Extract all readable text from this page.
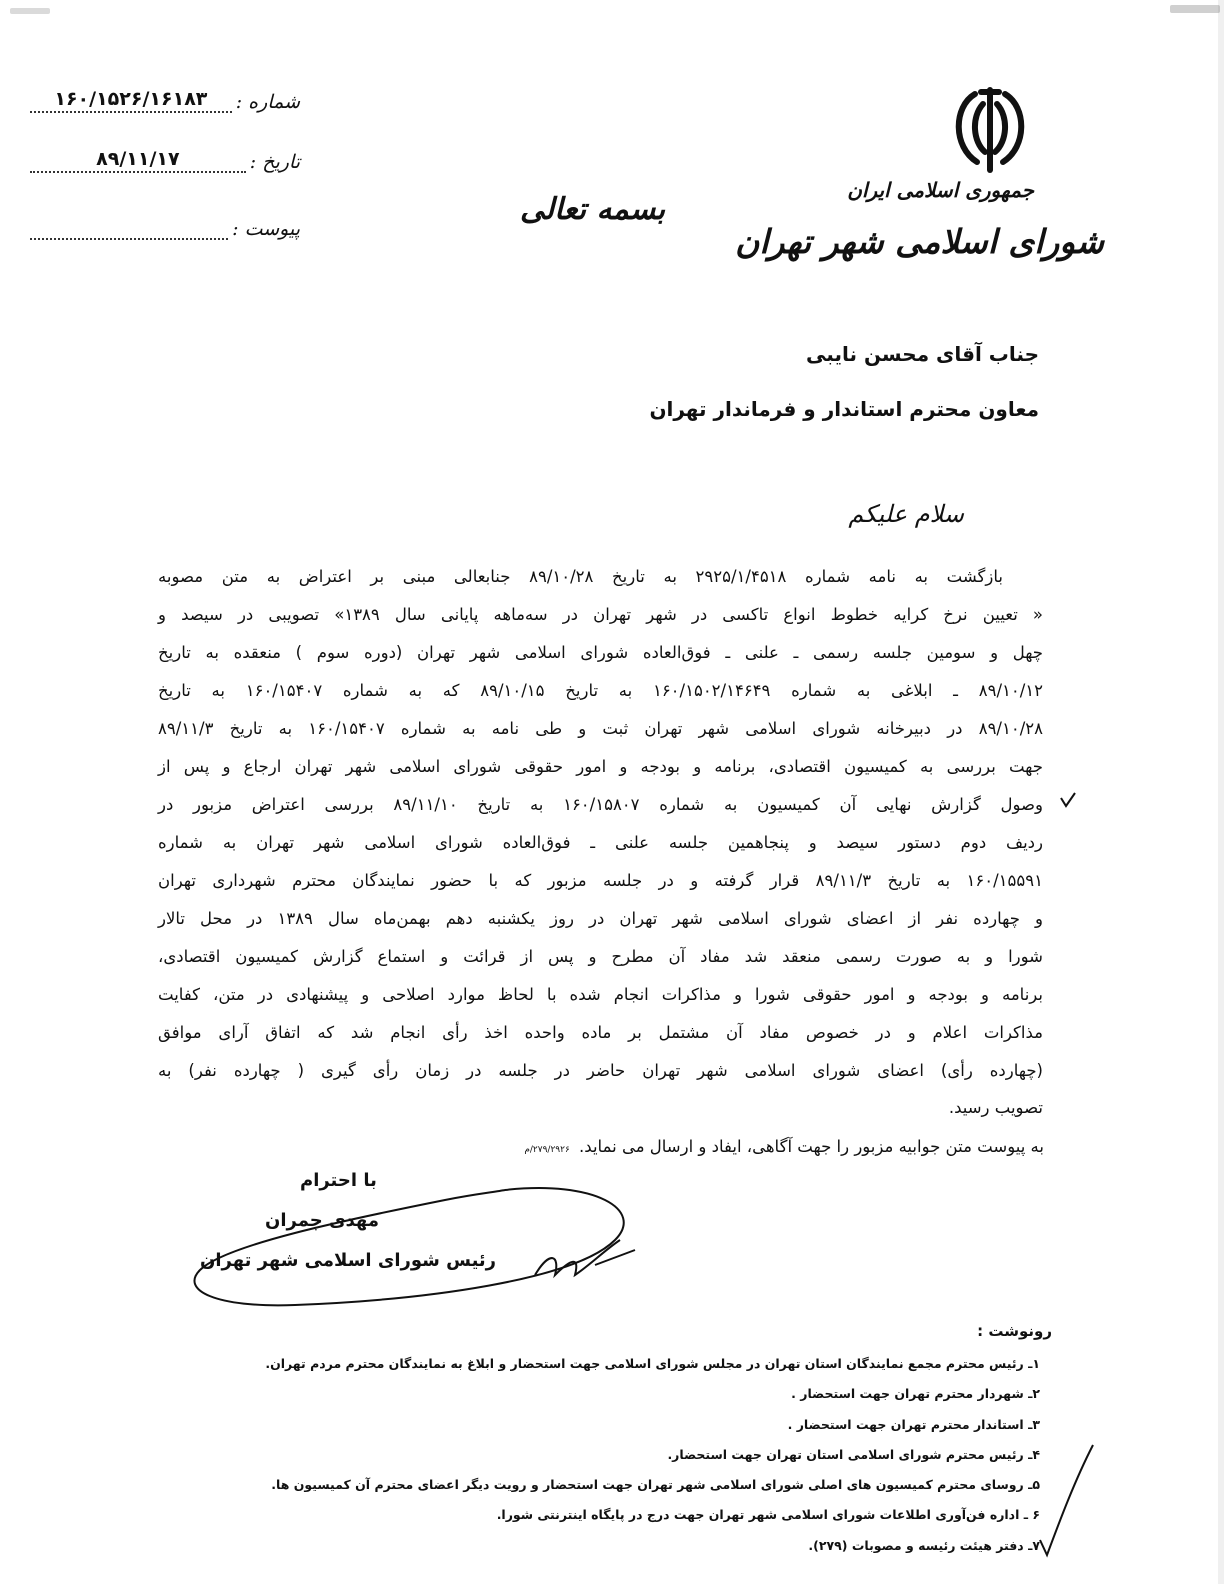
شماره :
۱۶۰/۱۵۲۶/۱۶۱۸۳
تاریخ :
۸۹/۱۱/۱۷
پیوست :
بسمه تعالی
جمهوری اسلامی ایران
شورای اسلامی شهر تهران
جناب آقای محسن نایبی
معاون محترم استاندار و فرماندار تهران
سلام علیکم
بازگشت به نامه شماره ۲۹۲۵/۱/۴۵۱۸ به تاریخ ۸۹/۱۰/۲۸ جنابعالی مبنی بر اعتراض به متن مصوبه
« تعیین نرخ کرایه خطوط انواع تاکسی در شهر تهران در سه‌ماهه پایانی سال ۱۳۸۹» تصویبی در سیصد و
چهل و سومین جلسه رسمی ـ علنی ـ فوق‌العاده شورای اسلامی شهر تهران (دوره سوم ) منعقده به تاریخ
۸۹/۱۰/۱۲ ـ ابلاغی به شماره ۱۶۰/۱۵۰۲/۱۴۶۴۹ به تاریخ ۸۹/۱۰/۱۵ که به شماره ۱۶۰/۱۵۴۰۷ به تاریخ
۸۹/۱۰/۲۸ در دبیرخانه شورای اسلامی شهر تهران ثبت و طی نامه به شماره ۱۶۰/۱۵۴۰۷ به تاریخ ۸۹/۱۱/۳
جهت بررسی به کمیسیون اقتصادی، برنامه و بودجه و امور حقوقی شورای اسلامی شهر تهران ارجاع و پس از
وصول گزارش نهایی آن کمیسیون به شماره ۱۶۰/۱۵۸۰۷ به تاریخ ۸۹/۱۱/۱۰ بررسی اعتراض مزبور در
ردیف دوم دستور سیصد و پنجاهمین جلسه علنی ـ فوق‌العاده شورای اسلامی شهر تهران به شماره
۱۶۰/۱۵۵۹۱ به تاریخ ۸۹/۱۱/۳ قرار گرفته و در جلسه مزبور که با حضور نمایندگان محترم شهرداری تهران
و چهارده نفر از اعضای شورای اسلامی شهر تهران در روز یکشنبه دهم بهمن‌ماه سال ۱۳۸۹ در محل تالار
شورا و به صورت رسمی منعقد شد مفاد آن مطرح و پس از قرائت و استماع گزارش کمیسیون اقتصادی،
برنامه و بودجه و امور حقوقی شورا و مذاکرات انجام شده با لحاظ موارد اصلاحی و پیشنهادی در متن، کفایت
مذاکرات اعلام و در خصوص مفاد آن مشتمل بر ماده واحده اخذ رأی انجام شد که اتفاق آرای موافق
(چهارده رأی) اعضای شورای اسلامی شهر تهران حاضر در جلسه در زمان رأی گیری ( چهارده نفر) به
تصویب رسید.
به پیوست متن جوابیه مزبور را جهت آگاهی، ایفاد و ارسال می نماید. ۲۷۹/۲۹۲۶/م
با احترام
مهدی چمران
رئیس شورای اسلامی شهر تهران
رونوشت :
۱ـ رئیس محترم مجمع نمایندگان استان تهران در مجلس شورای اسلامی جهت استحضار و ابلاغ به نمایندگان محترم مردم تهران.
۲ـ شهردار محترم تهران جهت استحضار .
۳ـ استاندار محترم تهران جهت استحضار .
۴ـ رئیس محترم شورای اسلامی استان تهران جهت استحضار.
۵ـ روسای محترم کمیسیون های اصلی شورای اسلامی شهر تهران جهت استحضار و رویت دیگر اعضای محترم آن کمیسیون ها.
۶ ـ اداره فن‌آوری اطلاعات شورای اسلامی شهر تهران جهت درج در پایگاه اینترنتی شورا.
۷ـ دفتر هیئت رئیسه و مصوبات (۲۷۹).
